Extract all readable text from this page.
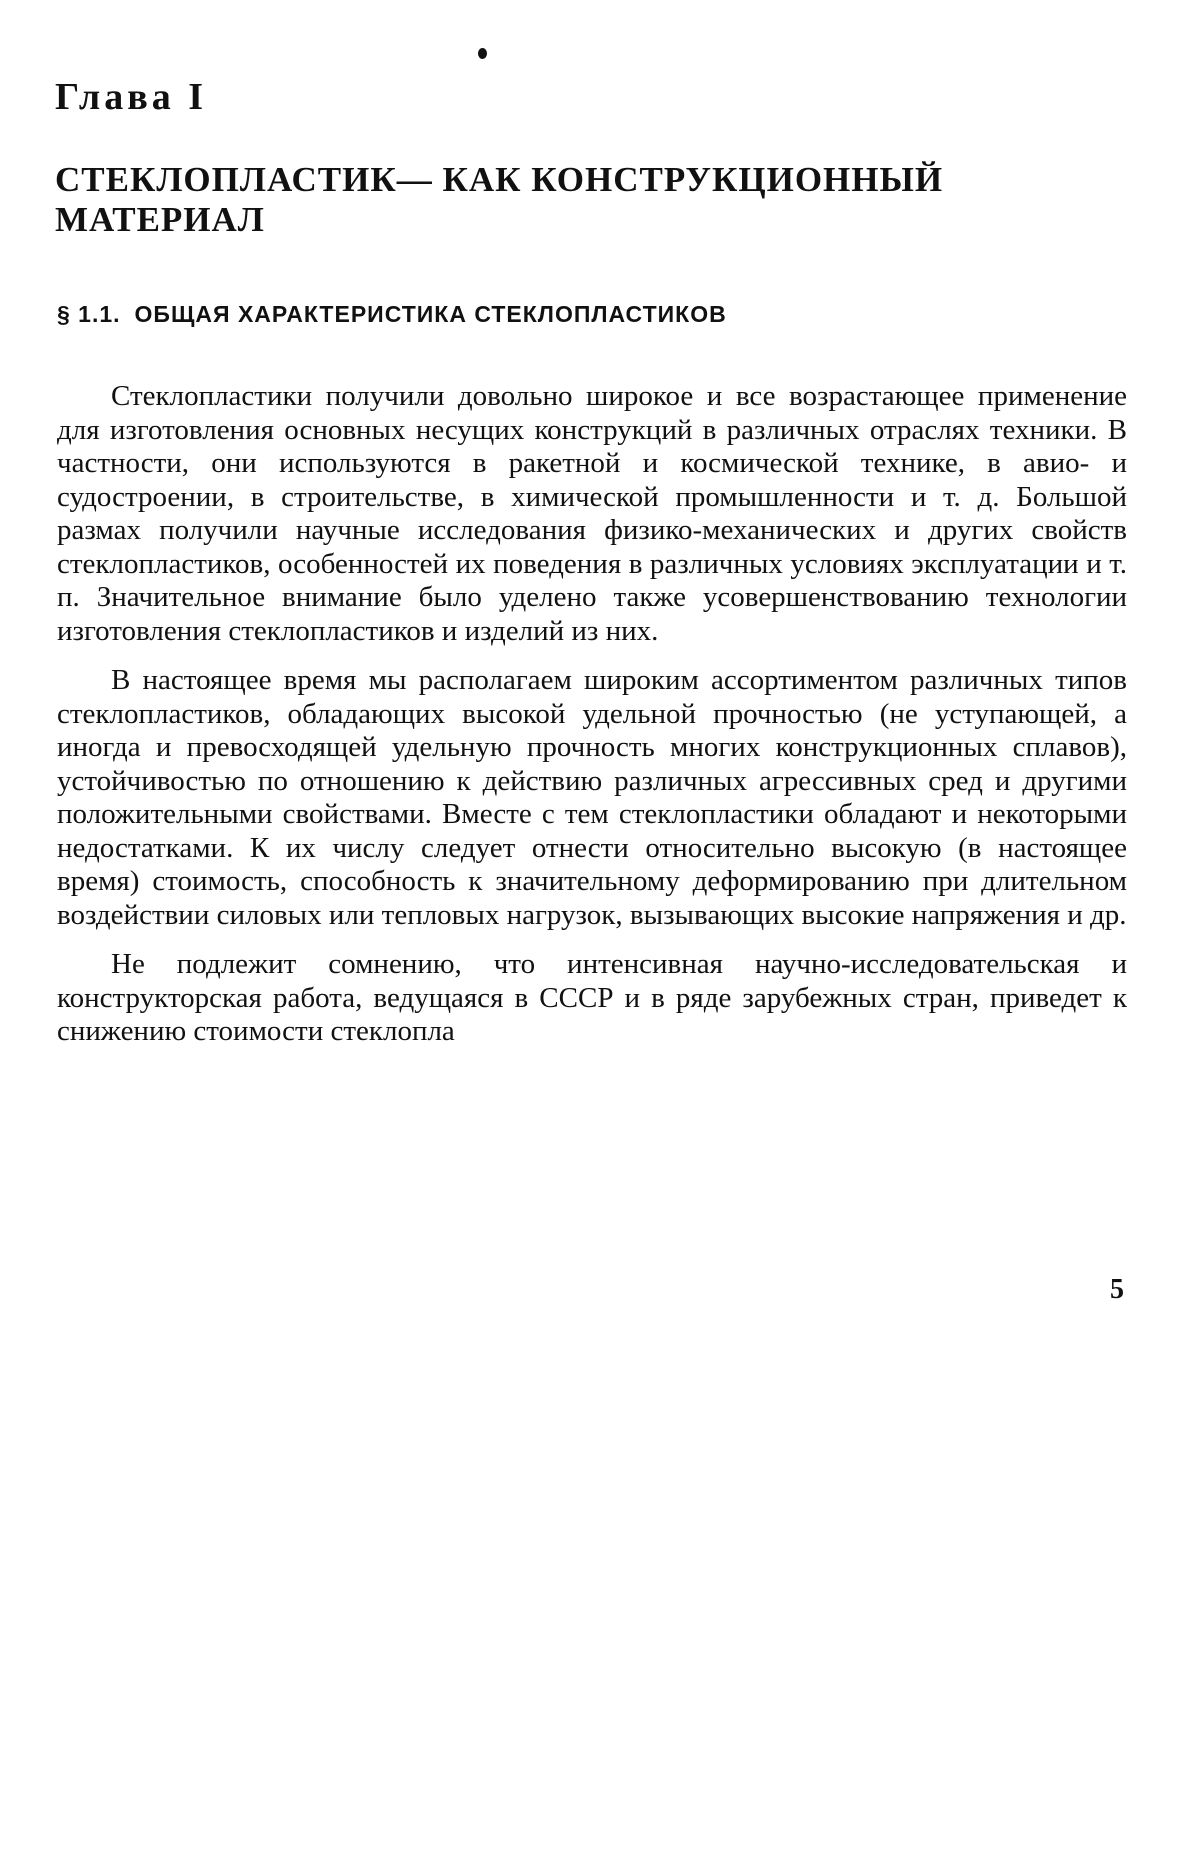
Глава I
СТЕКЛОПЛАСТИК— КАК КОНСТРУКЦИОННЫЙ МАТЕРИАЛ
§ 1.1. ОБЩАЯ ХАРАКТЕРИСТИКА СТЕКЛОПЛАСТИКОВ

Стеклопластики получили довольно широкое и все возрастающее применение для изготовления основных несущих конструкций в различных отраслях техники. В частности, они используются в ракетной и космической технике, в авио- и судостроении, в строительстве, в химической промышленности и т. д. Большой размах получили научные исследования физико-механических и других свойств стеклопластиков, особенностей их поведения в различных условиях эксплуатации и т. п. Значительное внимание было уделено также усовершенствованию технологии изготовления стеклопластиков и изделий из них.

В настоящее время мы располагаем широким ассортиментом различных типов стеклопластиков, обладающих высокой удельной прочностью (не уступающей, а иногда и превосходящей удельную прочность многих конструкционных сплавов), устойчивостью по отношению к действию различных агрессивных сред и другими положительными свойствами. Вместе с тем стеклопластики обладают и некоторыми недостатками. К их числу следует отнести относительно высокую (в настоящее время) стоимость, способность к значительному деформированию при длительном воздействии силовых или тепловых нагрузок, вызывающих высокие напряжения и др.

Не подлежит сомнению, что интенсивная научно-исследовательская и конструкторская работа, ведущаяся в СССР и в ряде зарубежных стран, приведет к снижению стоимости стеклопла

5
